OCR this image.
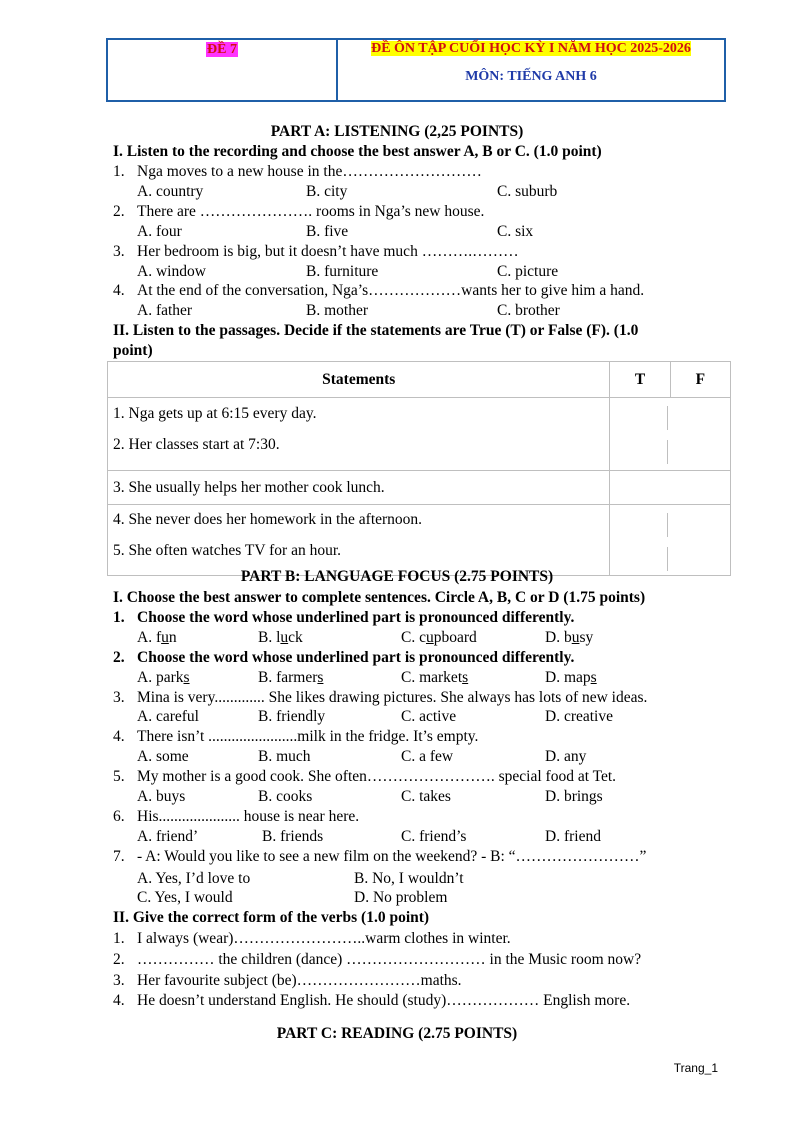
ĐỀ 7	ĐỀ ÔN TẬP CUỐI HỌC KỲ I NĂM HỌC 2025-2026
MÔN: TIẾNG ANH 6
PART A: LISTENING (2,25 POINTS)
I. Listen to the recording and choose the best answer A, B or C. (1.0 point)
1. Nga moves to a new house in the………………………
A. country	B. city	C. suburb
2. There are …………………. rooms in Nga’s new house.
A. four	B. five	C. six
3. Her bedroom is big, but it doesn’t have much ……….………
A. window	B. furniture	C. picture
4. At the end of the conversation, Nga’s………………wants her to give him a hand.
A. father	B. mother	C. brother
II. Listen to the passages. Decide if the statements are True (T) or False (F). (1.0
point)
Statements	T	F

1. Nga gets up at 6:15 every day.
2. Her classes start at 7:30.		

3. She usually helps her mother cook lunch.		

4. She never does her homework in the afternoon.
5. She often watches TV for an hour.		

PART B: LANGUAGE FOCUS (2.75 POINTS)
I. Choose the best answer to complete sentences. Circle A, B, C or D (1.75 points)
1. Choose the word whose underlined part is pronounced differently.
A. fun	B. luck	C. cupboard	D. busy
2. Choose the word whose underlined part is pronounced differently.
A. parks	B. farmers	C. markets	D. maps
3. Mina is very............. She likes drawing pictures. She always has lots of new ideas.
A. careful	B. friendly	C. active	D. creative
4. There isn’t .......................milk in the fridge. It’s empty.
A. some	B. much	C. a few	D. any
5. My mother is a good cook. She often……………………. special food at Tet.
A. buys	B. cooks	C. takes	D. brings
6. His..................... house is near here.
A. friend’	B. friends	C. friend’s	D. friend
7. - A: Would you like to see a new film on the weekend? - B: “……………………”
A. Yes, I’d love to	B. No, I wouldn’t
C. Yes, I would	D. No problem
II. Give the correct form of the verbs (1.0 point)
1. I always (wear)……………………..warm clothes in winter.
2. …………… the children (dance) ……………………… in the Music room now?
3. Her favourite subject (be)……………………maths.
4. He doesn’t understand English. He should (study)……………… English more.
PART C: READING (2.75 POINTS)
Trang_1
